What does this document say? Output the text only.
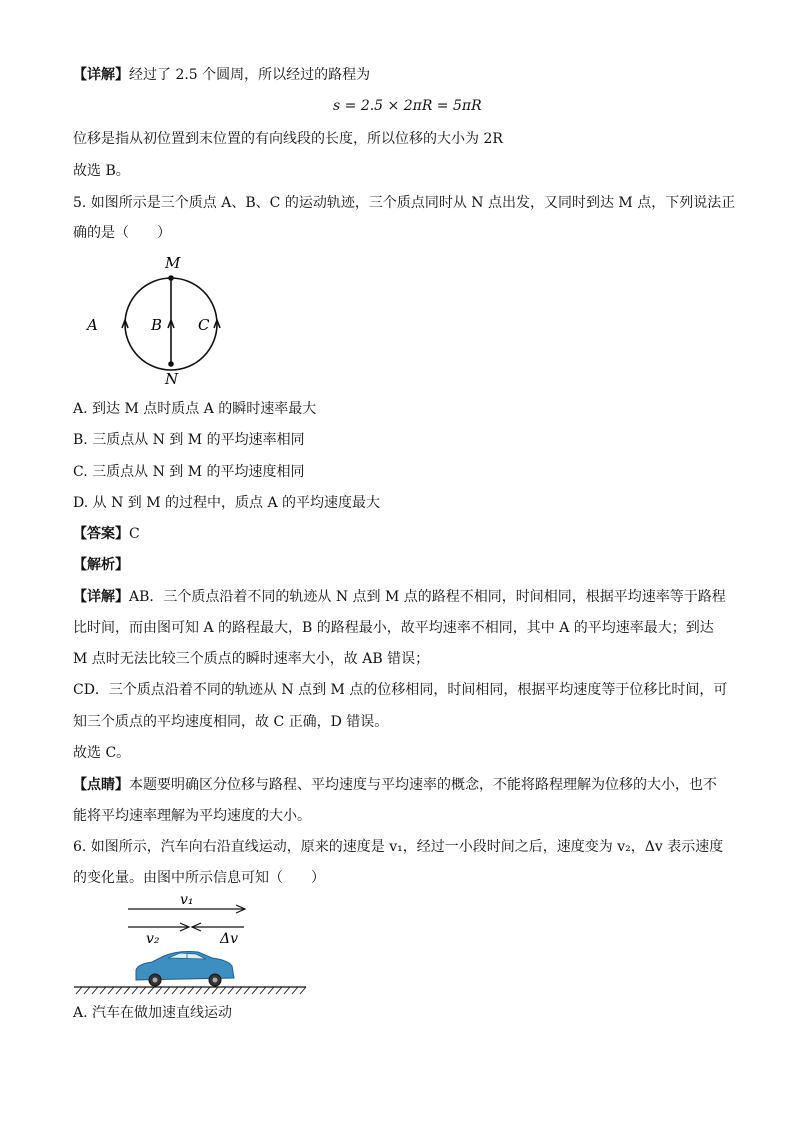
【详解】经过了 2.5 个圆周，所以经过的路程为
s = 2.5 × 2πR = 5πR
位移是指从初位置到末位置的有向线段的长度，所以位移的大小为 2R
故选 B。
5. 如图所示是三个质点 A、B、C 的运动轨迹，三个质点同时从 N 点出发，又同时到达 M 点，下列说法正
确的是（　　）
M
N
A	B C
A. 到达 M 点时质点 A 的瞬时速率最大
B. 三质点从 N 到 M 的平均速率相同
C. 三质点从 N 到 M 的平均速度相同
D. 从 N 到 M 的过程中，质点 A 的平均速度最大
【答案】C
【解析】
【详解】AB．三个质点沿着不同的轨迹从 N 点到 M 点的路程不相同，时间相同，根据平均速率等于路程
比时间，而由图可知 A 的路程最大，B 的路程最小，故平均速率不相同，其中 A 的平均速率最大；到达
M 点时无法比较三个质点的瞬时速率大小，故 AB 错误；
CD．三个质点沿着不同的轨迹从 N 点到 M 点的位移相同，时间相同，根据平均速度等于位移比时间，可
知三个质点的平均速度相同，故 C 正确，D 错误。
故选 C。
【点睛】本题要明确区分位移与路程、平均速度与平均速率的概念，不能将路程理解为位移的大小，也不
能将平均速率理解为平均速度的大小。
6. 如图所示，汽车向右沿直线运动，原来的速度是 v₁，经过一小段时间之后，速度变为 v₂，Δv 表示速度
的变化量。由图中所示信息可知（　　）
v₁
v₂	Δv
A. 汽车在做加速直线运动
